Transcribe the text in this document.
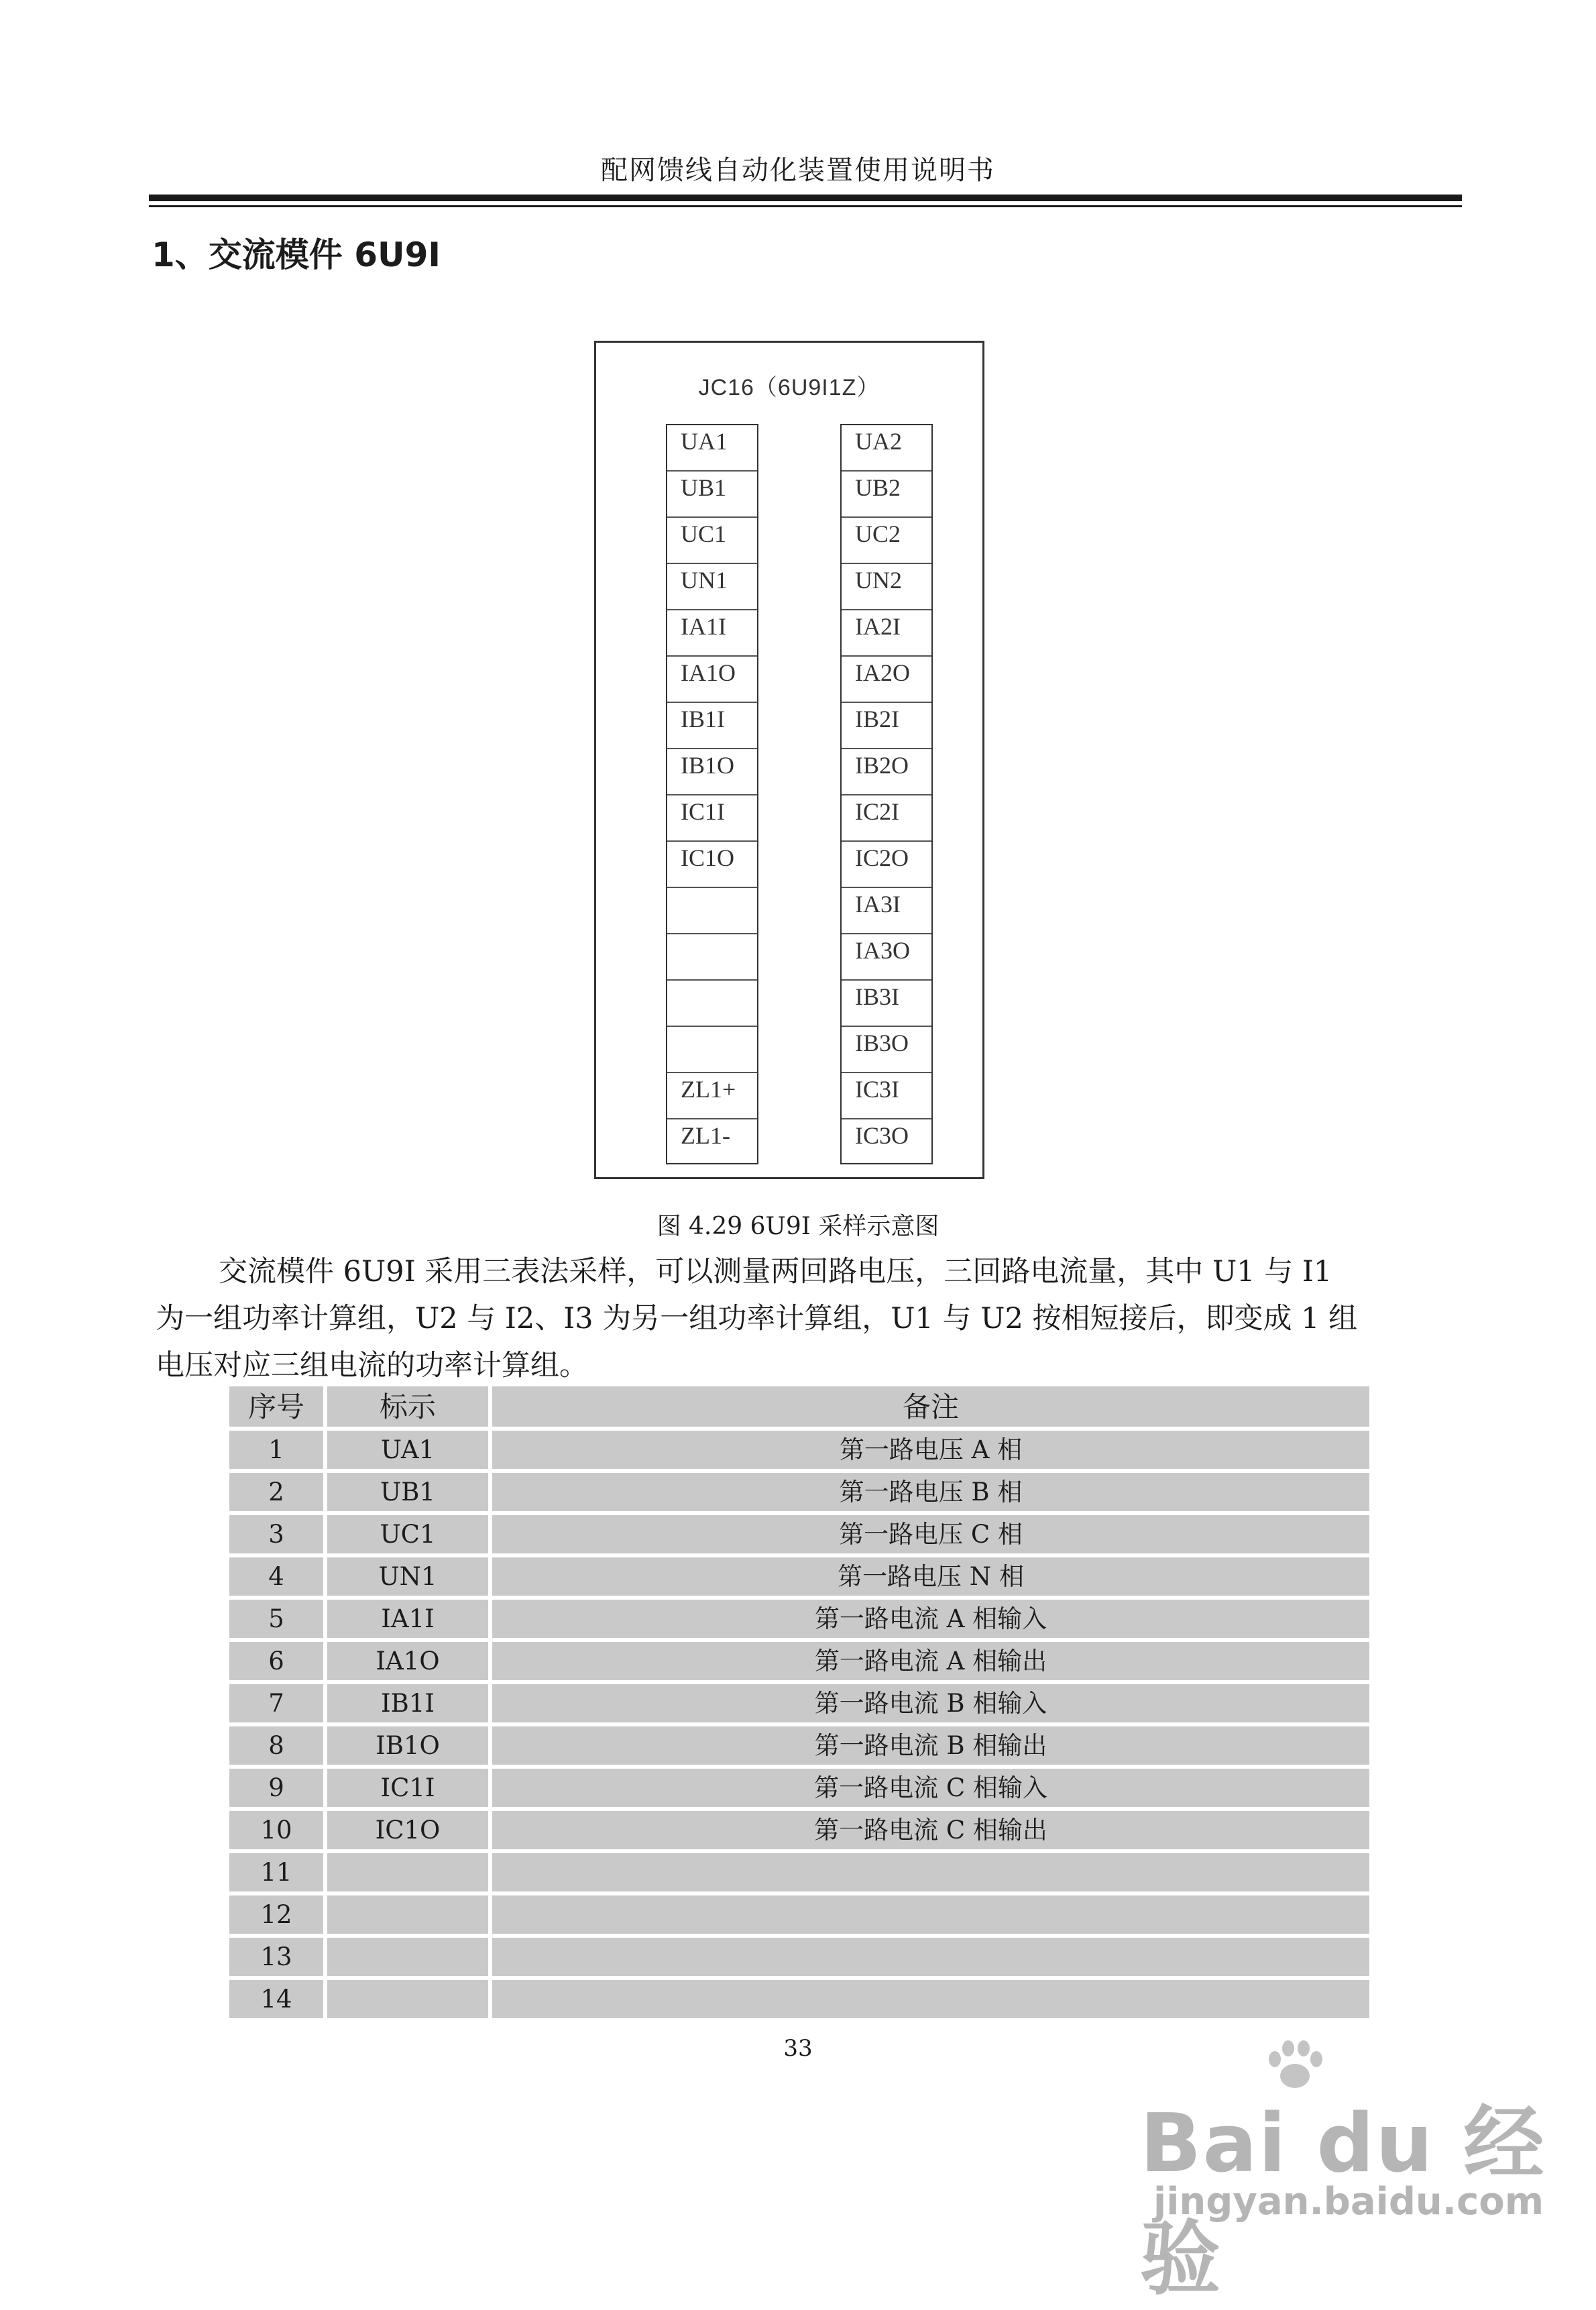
配网馈线自动化装置使用说明书
1、交流模件 6U9I
JC16（6U9I1Z）
UA1
UB1
UC1
UN1
IA1I
IA1O
IB1I
IB1O
IC1I
IC1O
ZL1+
ZL1-
UA2
UB2
UC2
UN2
IA2I
IA2O
IB2I
IB2O
IC2I
IC2O
IA3I
IA3O
IB3I
IB3O
IC3I
IC3O
图 4.29 6U9I 采样示意图
交流模件 6U9I 采用三表法采样，可以测量两回路电压，三回路电流量，其中 U1 与 I1
为一组功率计算组，U2 与 I2、I3 为另一组功率计算组，U1 与 U2 按相短接后，即变成 1 组
电压对应三组电流的功率计算组。
序号	标示	备注
1	UA1	第一路电压 A 相
2	UB1	第一路电压 B 相
3	UC1	第一路电压 C 相
4	UN1	第一路电压 N 相
5	IA1I	第一路电流 A 相输入
6	IA1O	第一路电流 A 相输出
7	IB1I	第一路电流 B 相输入
8	IB1O	第一路电流 B 相输出
9	IC1I	第一路电流 C 相输入
10	IC1O	第一路电流 C 相输出
11		
12		
13		
14		
33
Bai du 经验
jingyan.baidu.com
